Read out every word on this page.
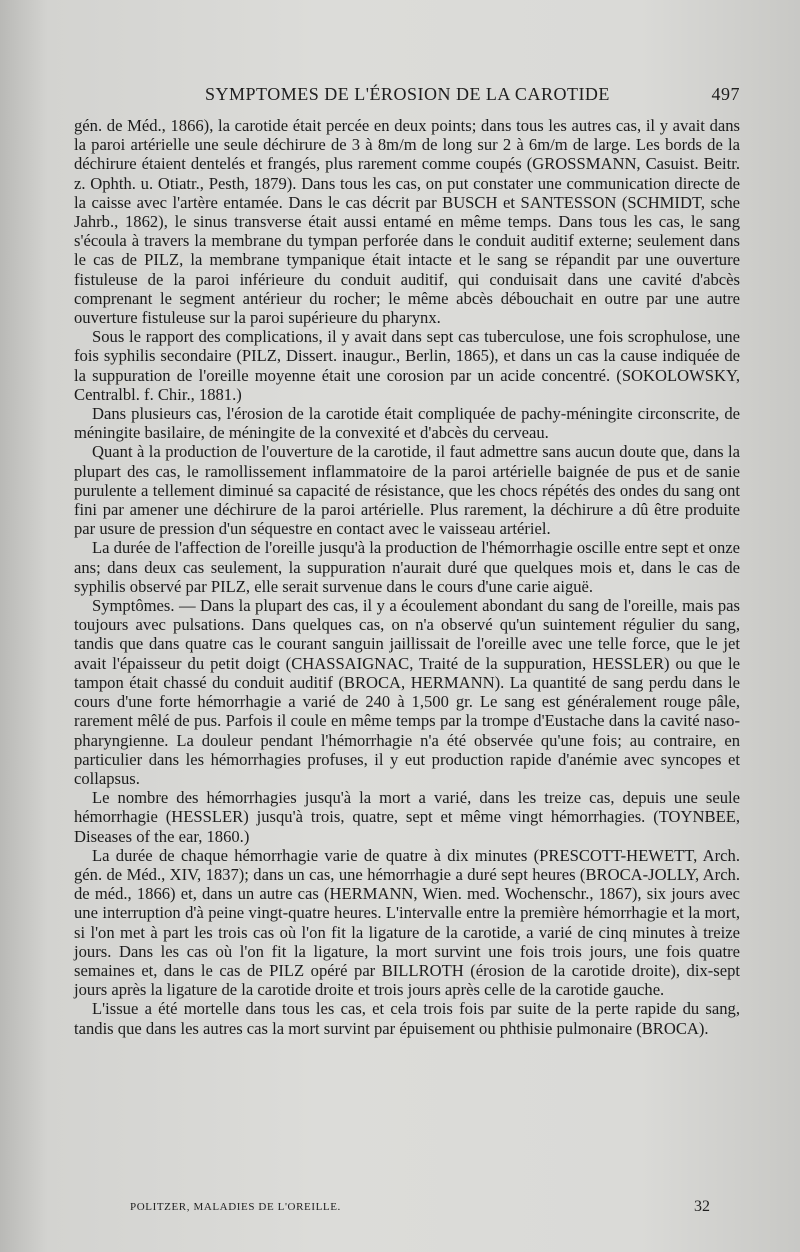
SYMPTOMES DE L'ÉROSION DE LA CAROTIDE	497

gén. de Méd., 1866), la carotide était percée en deux points; dans tous les autres cas, il y avait dans la paroi artérielle une seule déchirure de 3 à 8m/m de long sur 2 à 6m/m de large. Les bords de la déchirure étaient dentelés et frangés, plus rarement comme coupés (GROSSMANN, Casuist. Beitr. z. Ophth. u. Otiatr., Pesth, 1879). Dans tous les cas, on put constater une communication directe de la caisse avec l'artère entamée. Dans le cas décrit par BUSCH et SANTESSON (SCHMIDT, sche Jahrb., 1862), le sinus transverse était aussi entamé en même temps. Dans tous les cas, le sang s'écoula à travers la membrane du tympan perforée dans le conduit auditif externe; seulement dans le cas de PILZ, la membrane tympanique était intacte et le sang se répandit par une ouverture fistuleuse de la paroi inférieure du conduit auditif, qui conduisait dans une cavité d'abcès comprenant le segment antérieur du rocher; le même abcès débouchait en outre par une autre ouverture fistuleuse sur la paroi supérieure du pharynx.

Sous le rapport des complications, il y avait dans sept cas tuberculose, une fois scrophulose, une fois syphilis secondaire (PILZ, Dissert. inaugur., Berlin, 1865), et dans un cas la cause indiquée de la suppuration de l'oreille moyenne était une corosion par un acide concentré. (SOKOLOWSKY, Centralbl. f. Chir., 1881.)

Dans plusieurs cas, l'érosion de la carotide était compliquée de pachy-méningite circonscrite, de méningite basilaire, de méningite de la convexité et d'abcès du cerveau.

Quant à la production de l'ouverture de la carotide, il faut admettre sans aucun doute que, dans la plupart des cas, le ramollissement inflammatoire de la paroi artérielle baignée de pus et de sanie purulente a tellement diminué sa capacité de résistance, que les chocs répétés des ondes du sang ont fini par amener une déchirure de la paroi artérielle. Plus rarement, la déchirure a dû être produite par usure de pression d'un séquestre en contact avec le vaisseau artériel.

La durée de l'affection de l'oreille jusqu'à la production de l'hémorrhagie oscille entre sept et onze ans; dans deux cas seulement, la suppuration n'aurait duré que quelques mois et, dans le cas de syphilis observé par PILZ, elle serait survenue dans le cours d'une carie aiguë.

Symptômes. — Dans la plupart des cas, il y a écoulement abondant du sang de l'oreille, mais pas toujours avec pulsations. Dans quelques cas, on n'a observé qu'un suintement régulier du sang, tandis que dans quatre cas le courant sanguin jaillissait de l'oreille avec une telle force, que le jet avait l'épaisseur du petit doigt (CHASSAIGNAC, Traité de la suppuration, HESSLER) ou que le tampon était chassé du conduit auditif (BROCA, HERMANN). La quantité de sang perdu dans le cours d'une forte hémorrhagie a varié de 240 à 1,500 gr. Le sang est généralement rouge pâle, rarement mêlé de pus. Parfois il coule en même temps par la trompe d'Eustache dans la cavité naso-pharyngienne. La douleur pendant l'hémorrhagie n'a été observée qu'une fois; au contraire, en particulier dans les hémorrhagies profuses, il y eut production rapide d'anémie avec syncopes et collapsus.

Le nombre des hémorrhagies jusqu'à la mort a varié, dans les treize cas, depuis une seule hémorrhagie (HESSLER) jusqu'à trois, quatre, sept et même vingt hémorrhagies. (TOYNBEE, Diseases of the ear, 1860.)

La durée de chaque hémorrhagie varie de quatre à dix minutes (PRESCOTT-HEWETT, Arch. gén. de Méd., XIV, 1837); dans un cas, une hémorrhagie a duré sept heures (BROCA-JOLLY, Arch. de méd., 1866) et, dans un autre cas (HERMANN, Wien. med. Wochenschr., 1867), six jours avec une interruption d'à peine vingt-quatre heures. L'intervalle entre la première hémorrhagie et la mort, si l'on met à part les trois cas où l'on fit la ligature de la carotide, a varié de cinq minutes à treize jours. Dans les cas où l'on fit la ligature, la mort survint une fois trois jours, une fois quatre semaines et, dans le cas de PILZ opéré par BILLROTH (érosion de la carotide droite), dix-sept jours après la ligature de la carotide droite et trois jours après celle de la carotide gauche.

L'issue a été mortelle dans tous les cas, et cela trois fois par suite de la perte rapide du sang, tandis que dans les autres cas la mort survint par épuisement ou phthisie pulmonaire (BROCA).

POLITZER, MALADIES DE L'OREILLE.	32
